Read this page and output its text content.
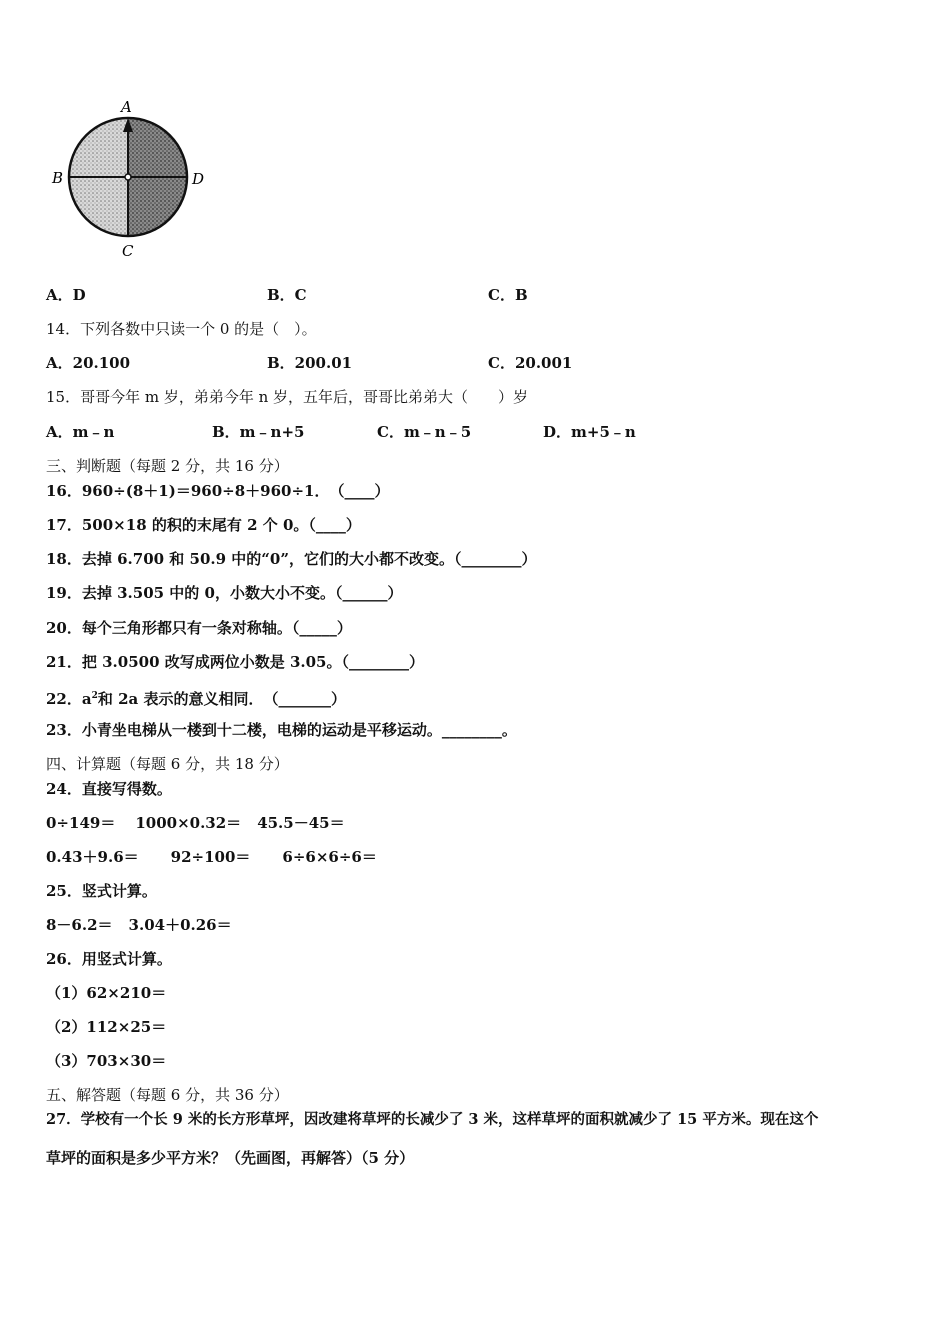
A
B	D
C
A．D	B．C	C．B
14．下列各数中只读一个 0 的是（　）。
A．20.100	B．200.01	C．20.001
15．哥哥今年 m 岁，弟弟今年 n 岁，五年后，哥哥比弟弟大（　　）岁
A．m﹣n	B．m﹣n+5	C．m﹣n﹣5	D．m+5﹣n
三、判断题（每题 2 分，共 16 分）
16．960÷(8＋1)＝960÷8＋960÷1．　（____）
17．500×18 的积的末尾有 2 个 0。（____）
18．去掉 6.700 和 50.9 中的“0”，它们的大小都不改变。（________）
19．去掉 3.505 中的 0，小数大小不变。（______）
20．每个三角形都只有一条对称轴。（_____）
21．把 3.0500 改写成两位小数是 3.05。（________）
22．$a^2$和 2a 表示的意义相同．　（_______）
23．小青坐电梯从一楼到十二楼，电梯的运动是平移运动。________。
四、计算题（每题 6 分，共 18 分）
24．直接写得数。
0÷149＝ 1000×0.32＝ 45.5－45＝
0.43＋9.6＝ 92÷100＝ 6÷6×6÷6＝
25．竖式计算。
8－6.2＝ 3.04＋0.26＝
26．用竖式计算。
（1）62×210＝
（2）112×25＝
（3）703×30＝
五、解答题（每题 6 分，共 36 分）
27．学校有一个长 9 米的长方形草坪，因改建将草坪的长减少了 3 米，这样草坪的面积就减少了 15 平方米。现在这个
草坪的面积是多少平方米？（先画图，再解答）（5 分）
